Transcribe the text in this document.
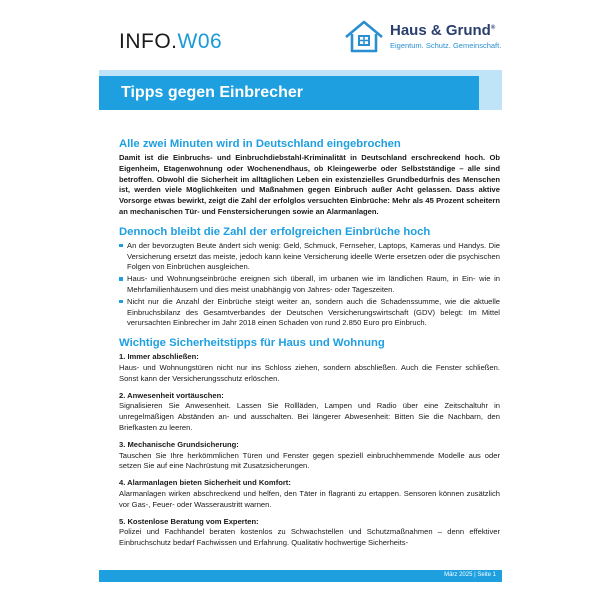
INFO.W06	Haus & Grund®
Eigentum. Schutz. Gemeinschaft.
Tipps gegen Einbrecher
Alle zwei Minuten wird in Deutschland eingebrochen

Damit ist die Einbruchs- und Einbruchdiebstahl-Kriminalität in Deutschland erschreckend hoch. Ob Eigenheim, Etagenwohnung oder Wochenendhaus, ob Kleingewerbe oder Selbstständige – alle sind betroffen. Obwohl die Sicherheit im alltäglichen Leben ein existenzielles Grundbedürfnis des Menschen ist, werden viele Möglichkeiten und Maßnahmen gegen Einbruch außer Acht gelassen. Dass aktive Vorsorge etwas bewirkt, zeigt die Zahl der erfolglos versuchten Einbrüche: Mehr als 45 Prozent scheitern an mechanischen Tür- und Fenstersicherungen sowie an Alarmanlagen.

Dennoch bleibt die Zahl der erfolgreichen Einbrüche hoch
An der bevorzugten Beute ändert sich wenig: Geld, Schmuck, Fernseher, Laptops, Kameras und Handys. Die Versicherung ersetzt das meiste, jedoch kann keine Versicherung ideelle Werte ersetzen oder die psychischen Folgen von Einbrüchen ausgleichen.
Haus- und Wohnungseinbrüche ereignen sich überall, im urbanen wie im ländlichen Raum, in Ein- wie in Mehrfamilienhäusern und dies meist unabhängig von Jahres- oder Tageszeiten.
Nicht nur die Anzahl der Einbrüche steigt weiter an, sondern auch die Schadenssumme, wie die aktuelle Einbruchsbilanz des Gesamtverbandes der Deutschen Versicherungswirtschaft (GDV) belegt: Im Mittel verursachten Einbrecher im Jahr 2018 einen Schaden von rund 2.850 Euro pro Einbruch.
Wichtige Sicherheitstipps für Haus und Wohnung
1. Immer abschließen:

Haus- und Wohnungstüren nicht nur ins Schloss ziehen, sondern abschließen. Auch die Fenster schließen. Sonst kann der Versicherungsschutz erlöschen.

2. Anwesenheit vortäuschen:

Signalisieren Sie Anwesenheit. Lassen Sie Rollläden, Lampen und Radio über eine Zeitschaltuhr in unregelmäßigen Abständen an- und ausschalten. Bei längerer Abwesenheit: Bitten Sie die Nachbarn, den Briefkasten zu leeren.

3. Mechanische Grundsicherung:

Tauschen Sie Ihre herkömmlichen Türen und Fenster gegen speziell einbruchhemmende Modelle aus oder setzen Sie auf eine Nachrüstung mit Zusatzsicherungen.

4. Alarmanlagen bieten Sicherheit und Komfort:

Alarmanlagen wirken abschreckend und helfen, den Täter in flagranti zu ertappen. Sensoren können zusätzlich vor Gas-, Feuer- oder Wasseraustritt warnen.

5. Kostenlose Beratung vom Experten:

Polizei und Fachhandel beraten kostenlos zu Schwachstellen und Schutzmaßnahmen – denn effektiver Einbruchschutz bedarf Fachwissen und Erfahrung. Qualitativ hochwertige Sicherheits-

März 2025 | Seite 1
